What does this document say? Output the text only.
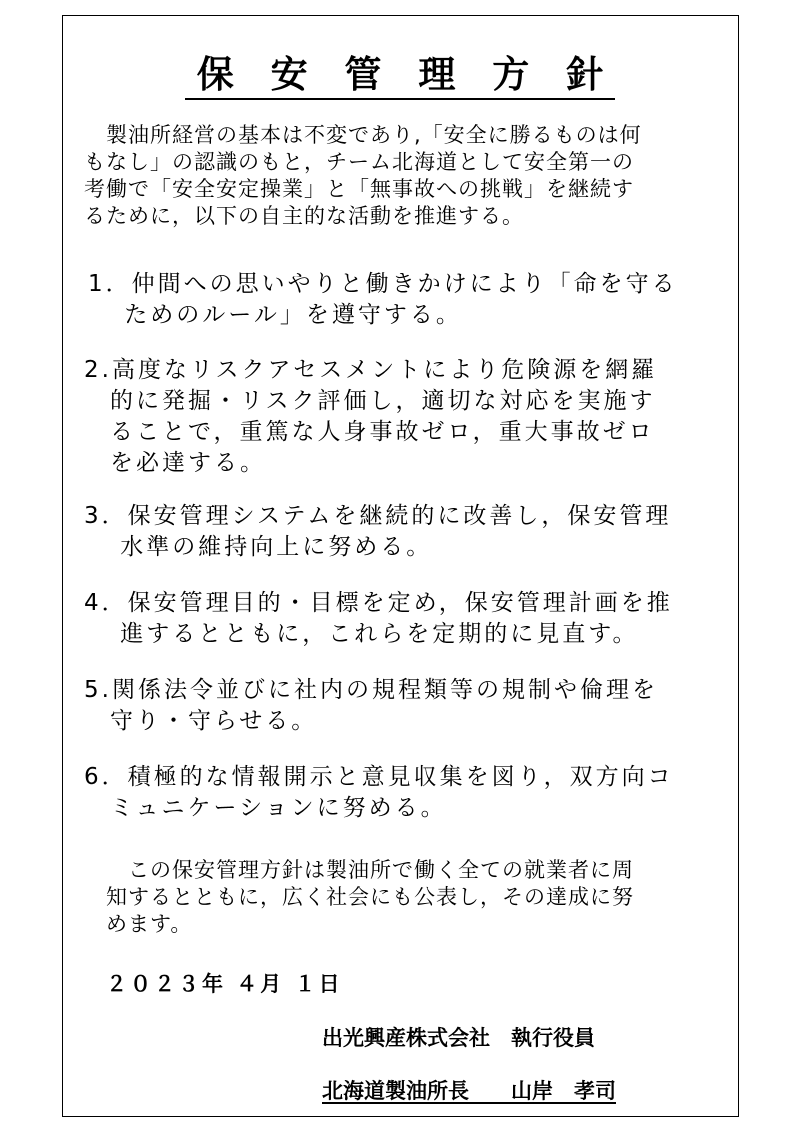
保 安 管 理 方 針
　製油所経営の基本は不変であり,「安全に勝るものは何
もなし」の認識のもと，チーム北海道として安全第一の
考働で「安全安定操業」と「無事故への挑戦」を継続す
るために，以下の自主的な活動を推進する。
1．仲間への思いやりと働きかけにより「命を守る
　 ためのルール」を遵守する。
2.高度なリスクアセスメントにより危険源を網羅
　的に発掘・リスク評価し，適切な対応を実施す
　ることで，重篤な人身事故ゼロ，重大事故ゼロ
　を必達する。
3．保安管理システムを継続的に改善し，保安管理
　 水準の維持向上に努める。
4．保安管理目的・目標を定め，保安管理計画を推
　 進するとともに，これらを定期的に見直す。
5.関係法令並びに社内の規程類等の規制や倫理を
　守り・守らせる。
6．積極的な情報開示と意見収集を図り，双方向コ
　ミュニケーションに努める。
　この保安管理方針は製油所で働く全ての就業者に周
知するとともに，広く社会にも公表し，その達成に努
めます。
２０２３年 ４月 １日
出光興産株式会社　執行役員
北海道製油所長　　山岸　孝司
